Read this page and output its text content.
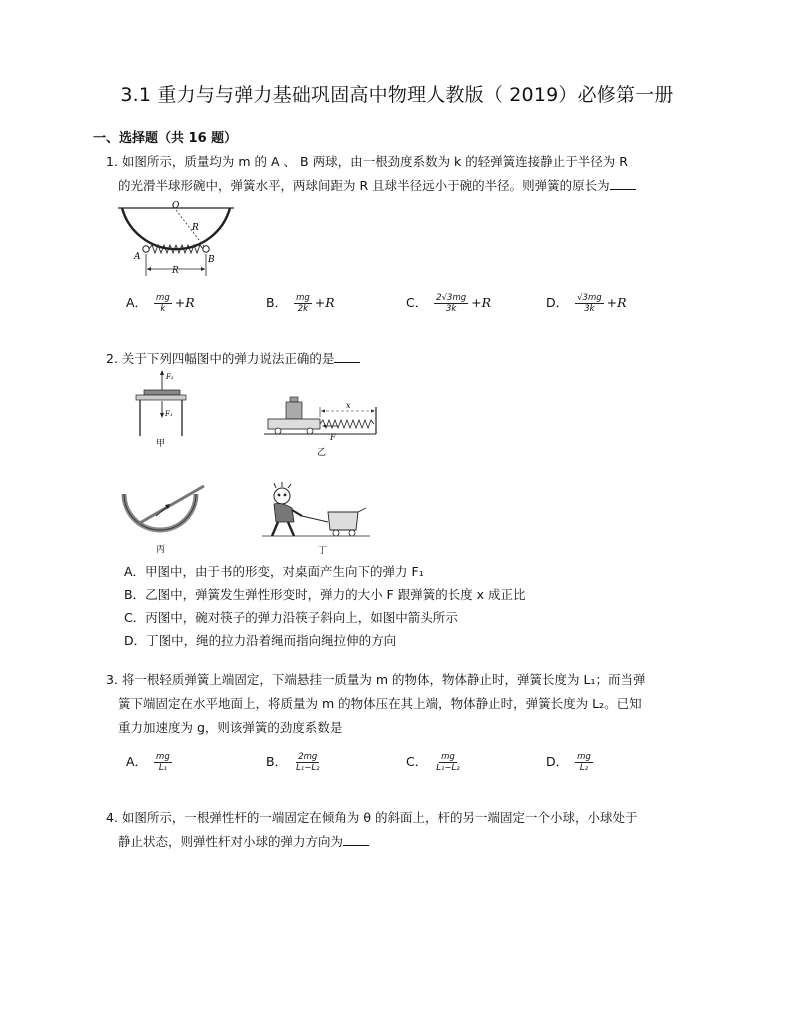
3.1 重力与与弹力基础巩固高中物理人教版（ 2019）必修第一册
一、选择题（共 16 题）
1. 如图所示，质量均为 m 的 A 、 B 两球，由一根劲度系数为 k 的轻弹簧连接静止于半径为 R
的光滑半球形碗中，弹簧水平，两球间距为 R 且球半径远小于碗的半径。则弹簧的原长为
O
R
A	B
R
A． $\frac{mg}{k} +R$	B． $\frac{mg}{2k} +R$	C． $\frac{2√3mg}{3k} +R$	D． $\frac{√3mg}{3k} +R$
2. 关于下列四幅图中的弹力说法正确的是
F₂
F₁
甲
x
F
乙
丙	丁
A．甲图中，由于书的形变，对桌面产生向下的弹力 F₁
B．乙图中，弹簧发生弹性形变时，弹力的大小 F 跟弹簧的长度 x 成正比
C．丙图中，碗对筷子的弹力沿筷子斜向上，如图中箭头所示
D．丁图中，绳的拉力沿着绳而指向绳拉伸的方向
3. 将一根轻质弹簧上端固定，下端悬挂一质量为 m 的物体，物体静止时，弹簧长度为 L₁；而当弹
簧下端固定在水平地面上，将质量为 m 的物体压在其上端，物体静止时，弹簧长度为 L₂。已知
重力加速度为 g，则该弹簧的劲度系数是
A． $\frac{mg}{\text{L₁}}$	B． $\frac{2mg}{\text{L₁−L₂}}$	C． $\frac{mg}{\text{L₁−L₂}}$	D． $\frac{mg}{\text{L₂}}$
4. 如图所示，一根弹性杆的一端固定在倾角为 θ 的斜面上，杆的另一端固定一个小球，小球处于
静止状态，则弹性杆对小球的弹力方向为
